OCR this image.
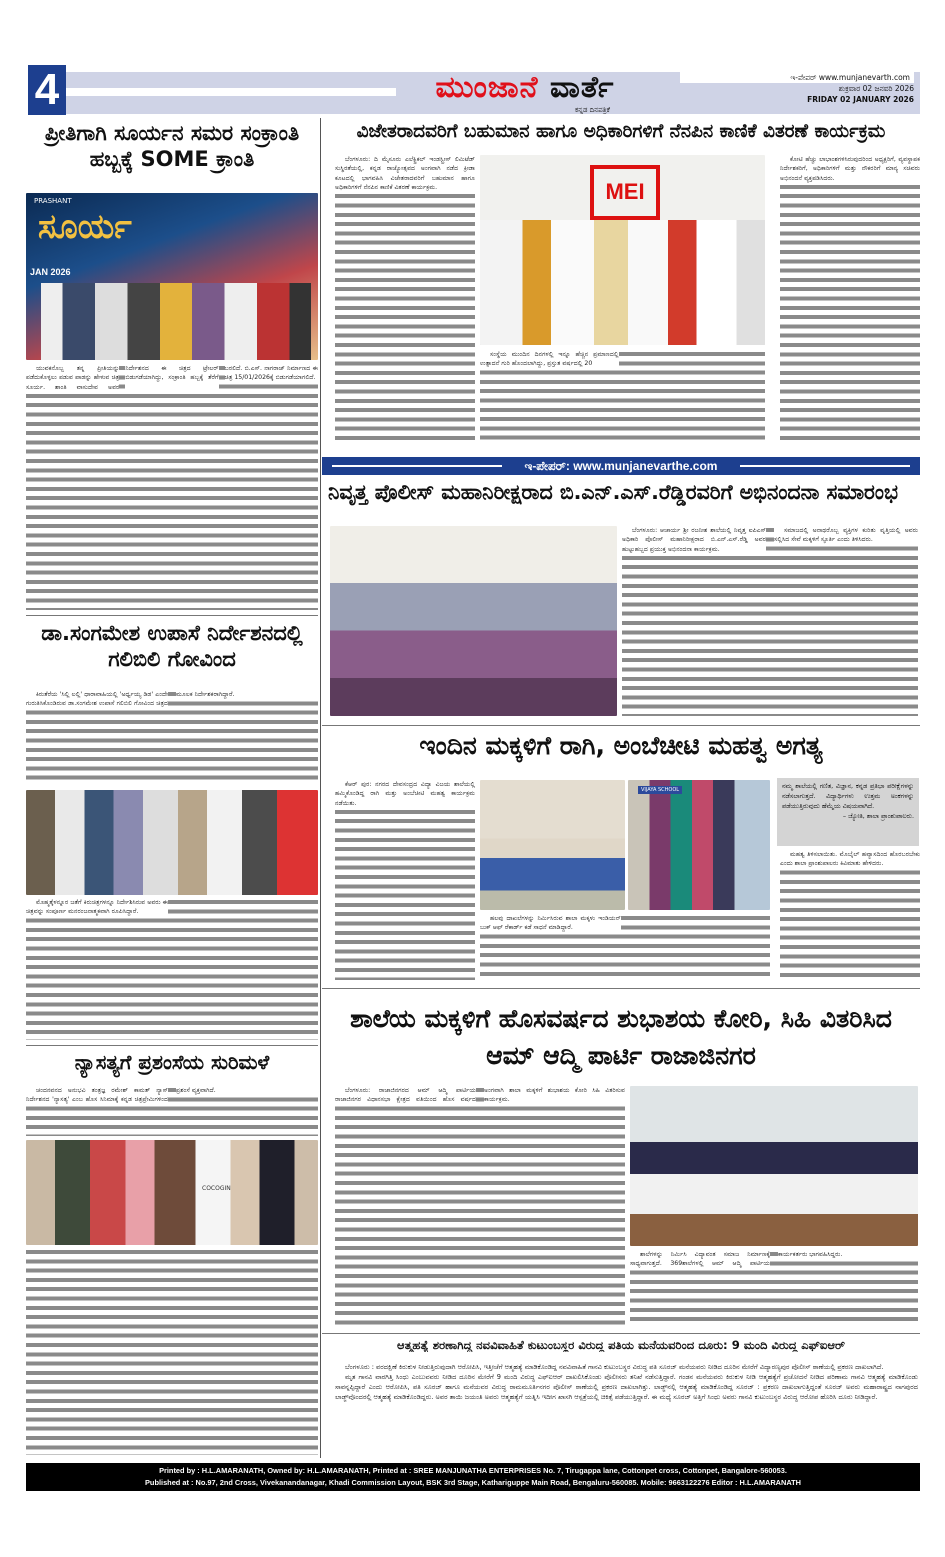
4	ಮುಂಜಾನೆ ವಾರ್ತೆ
ಕನ್ನಡ ದಿನಪತ್ರಿಕೆ
ಇ-ಪೇಪರ್ www.munjanevarth.com
ಶುಕ್ರವಾರ 02 ಜನವರಿ 2026
FRIDAY 02 JANUARY 2026
ಪ್ರೀತಿಗಾಗಿ ಸೂರ್ಯನ ಸಮರ ಸಂಕ್ರಾಂತಿ ಹಬ್ಬಕ್ಕೆ SOME ಕ್ರಾಂತಿ
PRASHANT
ಸೂರ್ಯ
JAN 2026

ಯುವಕನೊಬ್ಬ ತನ್ನ ಪ್ರೀತಿಯನ್ನು ಪಡೆದುಕೊಳ್ಳಲು ಪಡುವ ಪಾಡನ್ನು ಹೇಳುವ ಚಿತ್ರ ಸೂರ್ಯ. ಶಾಂತಿ ವಾಸುದೇವ ಅವರ ನಿರ್ದೇಶನದ ಈ ಚಿತ್ರದ ಟ್ರೇಲರ್ ಬಿಡುಗಡೆಯಾಗಿದ್ದು, ಸಂಕ್ರಾಂತಿ ಹಬ್ಬಕ್ಕೆ ತೆರೆಗೆ ಬರಲಿದೆ. ಬಿ.ಎಸ್. ನಾಗರಾಜ್ ನಿರ್ಮಾಣದ ಈ ಚಿತ್ರ 15/01/2026ಕ್ಕೆ ಬಿಡುಗಡೆಯಾಗಲಿದೆ.

ಡಾ.ಸಂಗಮೇಶ ಉಪಾಸೆ ನಿರ್ದೇಶನದಲ್ಲಿ ಗಲಿಬಿಲಿ ಗೋವಿಂದ

ಕಿರುತೆರೆಯ 'ಸಿಲ್ಲಿ ಲಲ್ಲಿ' ಧಾರಾವಾಹಿಯಲ್ಲಿ 'ಅರ್ಧ್ವಯ್ಯ ಡಿಡ' ಎಂದೇ ಗುರುತಿಸಿಕೊಂಡಿರುವ ಡಾ.ಸಂಗಮೇಶ ಉಪಾಸೆ ಗಲಿಬಿಲಿ ಗೋವಿಂದ ಚಿತ್ರದ ಮೂಲಕ ನಿರ್ದೇಶಕರಾಗಿದ್ದಾರೆ.

ಮೊಹ್ಮತ್ಕೆಳನ್ನೂರ ಜತೆಗೆ ಕಿರುಚಿತ್ರಗಳನ್ನೂ ನಿರ್ದೇಶಿಸಿರುವ ಅವರು ಈ ಚಿತ್ರವನ್ನು ಸಂಪೂರ್ಣ ಮನರಂಜನಾತ್ಮಕವಾಗಿ ರೂಪಿಸಿದ್ದಾರೆ.

ನ್ಯಾಸತ್ಯಗೆ ಪ್ರಶಂಸೆಯ ಸುರಿಮಳೆ

ಚಂದನವನದ ಅನುಭವಿ ತಂತ್ರಜ್ಞ ರಮೇಶ್ ಕಾಮತ್ ನ್ಯಾಸ್ ನಿರ್ದೇಶನದ 'ನ್ಯಾಸತ್ಯ' ಎಂಬ ಹೊಸ ಸಿನಿಮಾಕ್ಕೆ ಕನ್ನಡ ಚಿತ್ರಪ್ರೇಮಿಗಳಿಂದ ಪ್ರಶಂಸೆ ವ್ಯಕ್ತವಾಗಿದೆ.

COCOGIN
ವಿಜೇತರಾದವರಿಗೆ ಬಹುಮಾನ ಹಾಗೂ ಅಧಿಕಾರಿಗಳಿಗೆ ನೆನಪಿನ ಕಾಣಿಕೆ ವಿತರಣೆ ಕಾರ್ಯಕ್ರಮ

ಬೆಂಗಳೂರು: ದಿ ಮೈಸೂರು ಎಲೆಕ್ಟ್ರಿಕಲ್ ಇಂಡಸ್ಟ್ರೀಸ್ ಲಿಮಿಟೆಡ್ ಸುಸ್ಥಿರತೆಯಲ್ಲಿ, ಕನ್ನಡ ರಾಜ್ಯೋತ್ಸವದ ಅಂಗವಾಗಿ ನಡೆದ ಕ್ರೀಡಾ ಕೂಟದಲ್ಲಿ ಭಾಗವಹಿಸಿ ವಿಜೇತರಾದವರಿಗೆ ಬಹುಮಾನ ಹಾಗೂ ಅಧಿಕಾರಿಗಳಿಗೆ ನೆನಪಿನ ಕಾಣಿಕೆ ವಿತರಣೆ ಕಾರ್ಯಕ್ರಮ.	MEI

ಸಂಸ್ಥೆಯ ಮುಂದಿನ ದಿನಗಳಲ್ಲಿ ಇನ್ನೂ ಹೆಚ್ಚಿನ ಪ್ರಮಾಣದಲ್ಲಿ ಉತ್ಪಾದನೆ ಗುರಿ ಹೊಂದಲಾಗಿದ್ದು, ಪ್ರಸ್ತುತ ವರ್ಷದಲ್ಲಿ 20

ಕೋಟಿ ಹೆಚ್ಚು ಲಾಭಾಂಶಗಳಿಸಿರುವುದರಿಂದ ಅಧ್ಯಕ್ಷರಿಗೆ, ವ್ಯವಸ್ಥಾಪಕ ನಿರ್ದೇಶಕರಿಗೆ, ಅಧಿಕಾರಿಗಳಿಗೆ ಮತ್ತು ನೌಕರರಿಗೆ ಮಾನ್ಯ ಸಚಿವರು ಅಭಿನಂದನೆ ವ್ಯಕ್ತಪಡಿಸಿದರು.

ಇ-ಪೇಪರ್: www.munjanevarthe.com
ನಿವೃತ್ತ ಪೊಲೀಸ್ ಮಹಾನಿರೀಕ್ಷರಾದ ಬಿ.ಎನ್.ಎಸ್.ರೆಡ್ಡಿರವರಿಗೆ ಅಭಿನಂದನಾ ಸಮಾರಂಭ

ಬೆಂಗಳೂರು: ಆಚಾರ್ಯ ಶ್ರೀ ರಜನೀಶ ಶಾಲೆಯಲ್ಲಿ ನಿವೃತ್ತ ಐಪಿಎಸ್ ಅಧಿಕಾರಿ ಪೊಲೀಸ್ ಮಹಾನಿರೀಕ್ಷರಾದ ಬಿ.ಎನ್.ಎಸ್.ರೆಡ್ಡಿ ಅವರ ಹುಟ್ಟುಹಬ್ಬದ ಪ್ರಯುಕ್ತ ಅಭಿನಂದನಾ ಕಾರ್ಯಕ್ರಮ.

ಸಮಾಜದಲ್ಲಿ ಅನಾಥರೊಬ್ಬ ವ್ಯಕ್ತಿಗಳ ಕುರಿತು ವೃತ್ತಿಯಲ್ಲಿ ಅವರು ಸಲ್ಲಿಸಿದ ಸೇವೆ ಮಕ್ಕಳಿಗೆ ಸ್ಫೂರ್ತಿ ಎಂದು ತಿಳಿಸಿದರು.

ಇಂದಿನ ಮಕ್ಕಳಿಗೆ ರಾಗಿ, ಅಂಬೆಚೀಟಿ ಮಹತ್ವ ಅಗತ್ಯ

ಕೆಆರ್ ಪುರ: ನಗರದ ದೇವಸಂದ್ರದ ವಿದ್ಯಾ ವಿಜಯ ಶಾಲೆಯಲ್ಲಿ ಹಮ್ಮಿಕೊಂಡಿದ್ದ ರಾಗಿ ಮತ್ತು ಅಂಬೆಚೀಟಿ ಮಹತ್ವ ಕಾರ್ಯಕ್ರಮ ನಡೆಯಿತು.

VIJAYA SCHOOL

ಹಲವು ದಾಖಲೆಗಳನ್ನು ನಿರ್ಮಿಸಿರುವ ಶಾಲಾ ಮಕ್ಕಳು ಇಂಡಿಯನ್ ಬುಕ್ ಆಫ್ ರೆಕಾರ್ಡ್ ಕಡೆ ಸಾಧನೆ ಮಾಡಿದ್ದಾರೆ.

ನಮ್ಮ ಶಾಲೆಯಲ್ಲಿ ಗಣಿತ, ವಿಜ್ಞಾನ, ಕನ್ನಡ ಪ್ರತಿಭಾ ಪರೀಕ್ಷೆಗಳನ್ನು ನಡೆಸಲಾಗುತ್ತದೆ. ವಿದ್ಯಾರ್ಥಿಗಳು ಉತ್ತಮ ಅಂಕಗಳನ್ನು ಪಡೆಯುತ್ತಿರುವುದು ಹೆಮ್ಮೆಯ ವಿಷಯವಾಗಿದೆ.
– ಜ್ಯೋತಿ, ಶಾಲಾ ಪ್ರಾಂಶುಪಾಲರು.

ಮಹತ್ವ ತಿಳಿಸಲಾಯಿತು. ಮೊಬೈಲ್ ಹವ್ಯಾಸದಿಂದ ಹೊರಬರಬೇಕು ಎಂದು ಶಾಲಾ ಪ್ರಾಂಶುಪಾಲರು ಕಿವಿಮಾತು ಹೇಳಿದರು.

ಶಾಲೆಯ ಮಕ್ಕಳಿಗೆ ಹೊಸವರ್ಷದ ಶುಭಾಶಯ ಕೋರಿ, ಸಿಹಿ ವಿತರಿಸಿದ ಆಮ್ ಆದ್ಮಿ ಪಾರ್ಟಿ ರಾಜಾಜಿನಗರ

ಬೆಂಗಳೂರು: ರಾಜಾಜಿನಗರದ ಆಮ್ ಆದ್ಮಿ ಪಾರ್ಟಿಯ ರಾಜಾಜಿನಗರ ವಿಧಾನಸಭಾ ಕ್ಷೇತ್ರದ ವತಿಯಿಂದ ಹೊಸ ವರ್ಷದ ಅಂಗವಾಗಿ ಶಾಲಾ ಮಕ್ಕಳಿಗೆ ಶುಭಾಶಯ ಕೋರಿ ಸಿಹಿ ವಿತರಿಸುವ ಕಾರ್ಯಕ್ರಮ.

ಶಾಲೆಗಳನ್ನು ನಿರ್ಮಿಸಿ ವಿದ್ಯಾವಂತ ಸಮಾಜ ನಿರ್ಮಾಣಕ್ಕೆ ಸಾಧ್ಯವಾಗುತ್ತದೆ. 369ಶಾಲೆಗಳಲ್ಲಿ ಆಮ್ ಆದ್ಮಿ ಪಾರ್ಟಿಯ ಕಾರ್ಯಕರ್ತರು ಭಾಗವಹಿಸಿದ್ದರು.

ಆತ್ಮಹತ್ಯೆ ಶರಣಾಗಿದ್ದ ನವವಿವಾಹಿತೆ ಕುಟುಂಬಸ್ಥರ ವಿರುದ್ಧ ಪತಿಯ ಮನೆಯವರಿಂದ ದೂರು: 9 ಮಂದಿ ವಿರುದ್ಧ ಎಫ್‌ಐಆರ್

ಬೆಂಗಳೂರು : ವರದಕ್ಷಿಣೆ ಕಿರುಕುಳ ನೀಡುತ್ತಿರುವುದಾಗಿ ಆರೋಪಿಸಿ, ಇತ್ತೀಚೆಗೆ ಆತ್ಮಹತ್ಯೆ ಮಾಡಿಕೊಂಡಿದ್ದ ನವವಿವಾಹಿತೆ ಗಾನವಿ ಕುಟುಂಬಸ್ಥರ ವಿರುದ್ಧ ಪತಿ ಸೂರಜ್ ಮನೆಯವರು ನೀಡಿದ ದೂರಿನ ಮೇರೆಗೆ ವಿದ್ಯಾರಣ್ಯಪುರ ಪೊಲೀಸ್ ಠಾಣೆಯಲ್ಲಿ ಪ್ರಕರಣ ದಾಖಲಾಗಿದೆ.

ಮೃತ ಗಾನವಿ ವಾರಗಿತ್ತಿ ಸಿಂಧು ಎಂಬುವವರು ನೀಡಿದ ದೂರಿನ ಮೇರೆಗೆ 9 ಮಂದಿ ವಿರುದ್ಧ ಎಫ್‌ಐಆರ್ ದಾಖಲಿಸಿಕೊಂಡು ಪೊಲೀಸರು ತನಿಖೆ ನಡೆಸುತ್ತಿದ್ದಾರೆ. ಗಂಡನ ಮನೆಯವರು ಕಿರುಕುಳ ನೀಡಿ ಆತ್ಮಹತ್ಯೆಗೆ ಪ್ರಚೋದನೆ ನೀಡಿದ ಪರಿಣಾಮ ಗಾನವಿ ಆತ್ಮಹತ್ಯೆ ಮಾಡಿಕೊಂಡು ಸಾವನ್ನಪ್ಪಿದ್ದಾರೆ ಎಂದು ಆರೋಪಿಸಿ, ಪತಿ ಸೂರಜ್ ಹಾಗೂ ಮನೆಯವರ ವಿರುದ್ಧ ರಾಮಮೂರ್ತಿನಗರ ಪೊಲೀಸ್ ಠಾಣೆಯಲ್ಲಿ ಪ್ರಕರಣ ದಾಖಲಾಗಿತ್ತು. ಲಾಡ್ಜ್‌ನಲ್ಲಿ ಆತ್ಮಹತ್ಯೆ ಮಾಡಿಕೊಂಡಿದ್ದ ಸೂರಜ್ : ಪ್ರಕರಣ ದಾಖಲಾಗುತ್ತಿದ್ದಂತೆ ಸೂರಜ್ ಅವರು ಮಹಾರಾಷ್ಟ್ರದ ನಾಗಪುರದ ಲಾಡ್ಜ್‌ವೊಂದರಲ್ಲಿ ಆತ್ಮಹತ್ಯೆ ಮಾಡಿಕೊಂಡಿದ್ದರು. ಅವರ ತಾಯಿ ಜಯಂತಿ ಅವರು ಆತ್ಮಹತ್ಯೆಗೆ ಯತ್ನಿಸಿ ಇದೀಗ ಖಾಸಗಿ ಆಸ್ಪತ್ರೆಯಲ್ಲಿ ಚಿಕಿತ್ಸೆ ಪಡೆಯುತ್ತಿದ್ದಾರೆ. ಈ ಮಧ್ಯೆ ಸೂರಜ್ ಅತ್ತಿಗೆ ಸಿಂಧು ಅವರು ಗಾನವಿ ಕುಟುಂಬಸ್ಥರ ವಿರುದ್ಧ ಆರೋಪ ಹೊರಿಸಿ ದೂರು ನೀಡಿದ್ದಾರೆ.

Printed by : H.L.AMARANATH, Owned by: H.L.AMARANATH, Printed at : SREE MANJUNATHA ENTERPRISES No. 7, Tirugappa lane, Cottonpet cross, Cottonpet, Bangalore-560053.
Published at : No.97, 2nd Cross, Vivekanandanagar, Khadi Commission Layout, BSK 3rd Stage, Kathariguppe Main Road, Bengaluru-560085. Mobile: 9663122276 Editor : H.L.AMARANATH
